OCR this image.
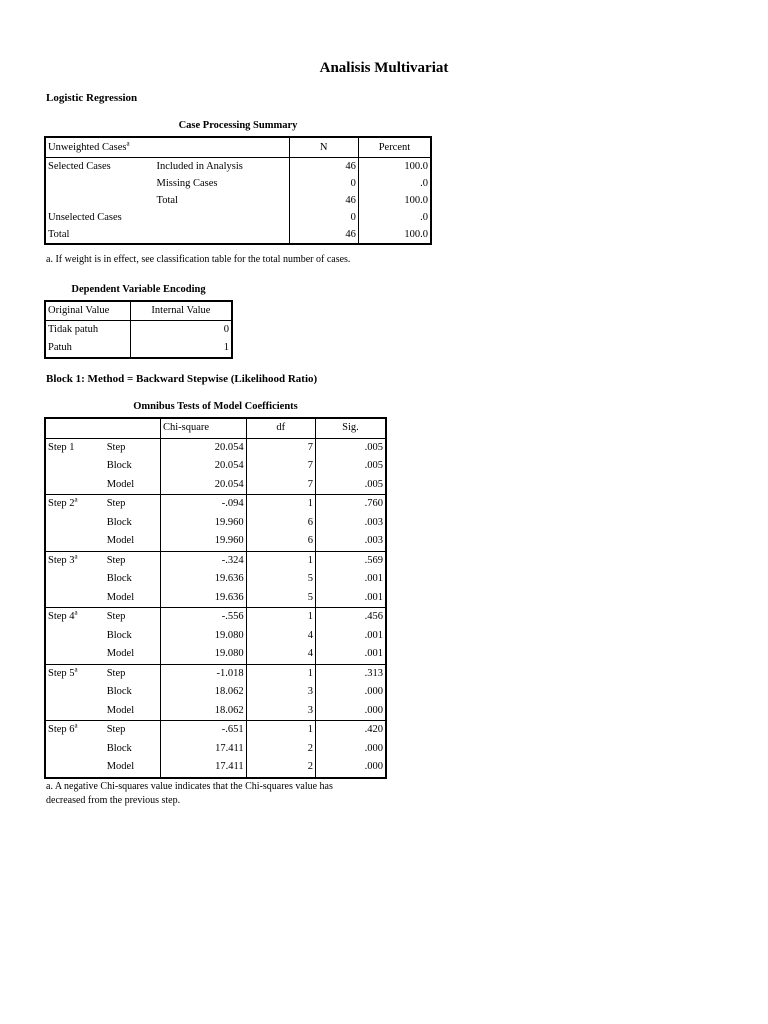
Analisis Multivariat
Logistic Regression
Case Processing Summary
Unweighted Cases$^a$		N	Percent
Selected Cases	Included in Analysis	46	100.0
	Missing Cases	0	.0
	Total	46	100.0
Unselected Cases		0	.0
Total		46	100.0
a. If weight is in effect, see classification table for the total number of cases.
Dependent Variable Encoding
Original Value	Internal Value
Tidak patuh	0
Patuh	1
Block 1: Method = Backward Stepwise (Likelihood Ratio)
Omnibus Tests of Model Coefficients
		Chi-square	df	Sig.
Step 1	Step	20.054	7	.005
	Block	20.054	7	.005
	Model	20.054	7	.005
Step 2$^a$	Step	-.094	1	.760
	Block	19.960	6	.003
	Model	19.960	6	.003
Step 3$^a$	Step	-.324	1	.569
	Block	19.636	5	.001
	Model	19.636	5	.001
Step 4$^a$	Step	-.556	1	.456
	Block	19.080	4	.001
	Model	19.080	4	.001
Step 5$^a$	Step	-1.018	1	.313
	Block	18.062	3	.000
	Model	18.062	3	.000
Step 6$^a$	Step	-.651	1	.420
	Block	17.411	2	.000
	Model	17.411	2	.000
a. A negative Chi-squares value indicates that the Chi-squares value has
decreased from the previous step.
